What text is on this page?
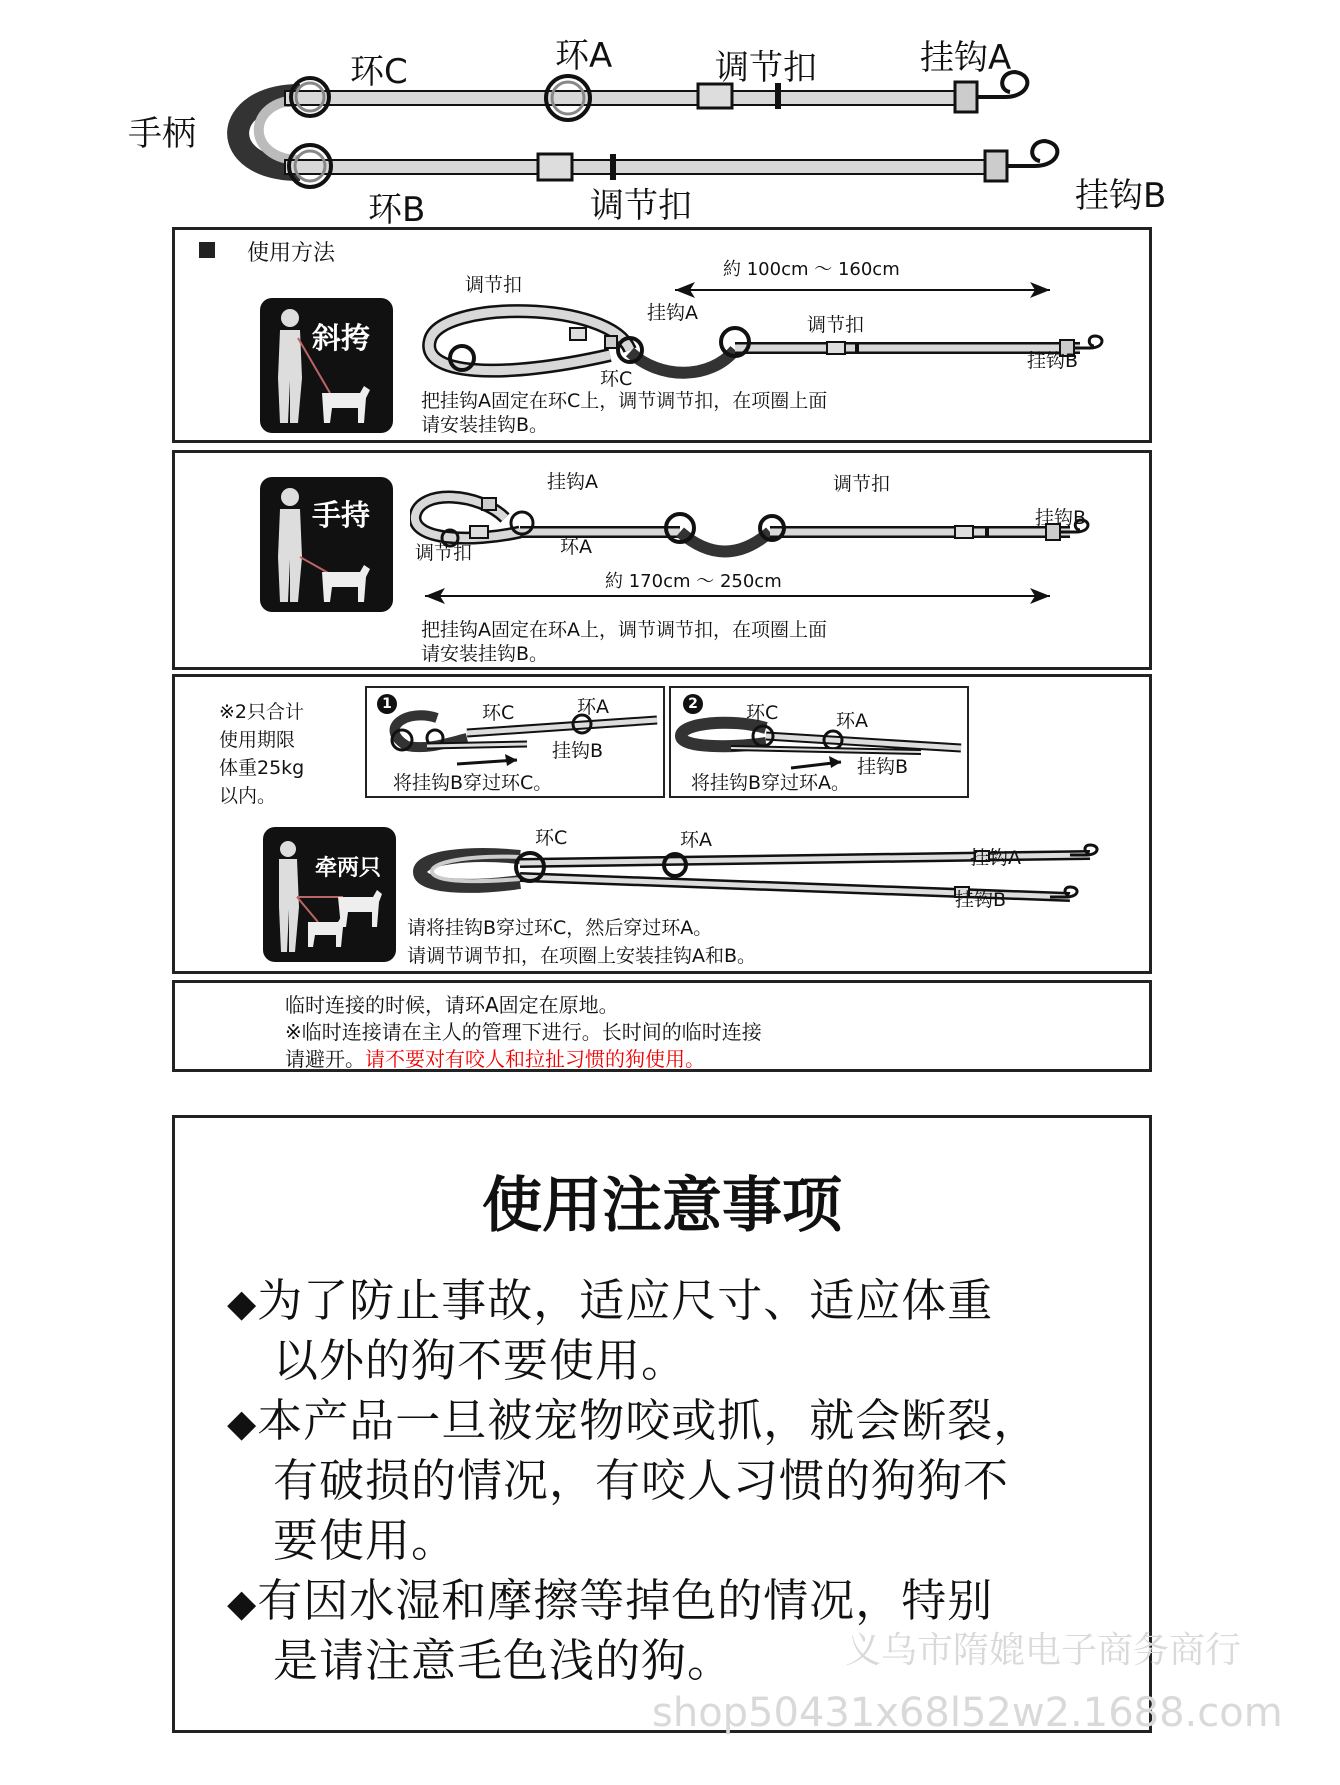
手柄
环C	环A	调节扣	挂钩A
环B	调节扣	挂钩B
使用方法
斜挎
调节扣
約 100cm 〜 160cm
挂钩A
调节扣
环C
挂钩B
把挂钩A固定在环C上，调节调节扣，在项圈上面
请安装挂钩B。
手持
挂钩A	调节扣
挂钩B
调节扣	环A
約 170cm 〜 250cm
把挂钩A固定在环A上，调节调节扣，在项圈上面
请安装挂钩B。
※2只合计
使用期限
体重25kg
以内。
1	环C	环A
挂钩B
将挂钩B穿过环C。
2	环C	环A
挂钩B
将挂钩B穿过环A。
牵两只
环C	环A
挂钩A
挂钩B
请将挂钩B穿过环C，然后穿过环A。
请调节调节扣，在项圈上安装挂钩A和B。
临时连接的时候，请环A固定在原地。
※临时连接请在主人的管理下进行。长时间的临时连接
请避开。请不要对有咬人和拉扯习惯的狗使用。
使用注意事项
◆为了防止事故，适应尺寸、适应体重
以外的狗不要使用。
◆本产品一旦被宠物咬或抓，就会断裂，
有破损的情况，有咬人习惯的狗狗不
要使用。
◆有因水湿和摩擦等掉色的情况，特别
是请注意毛色浅的狗。	义乌市隋媲电子商务商行
shop50431x68l52w2.1688.com
